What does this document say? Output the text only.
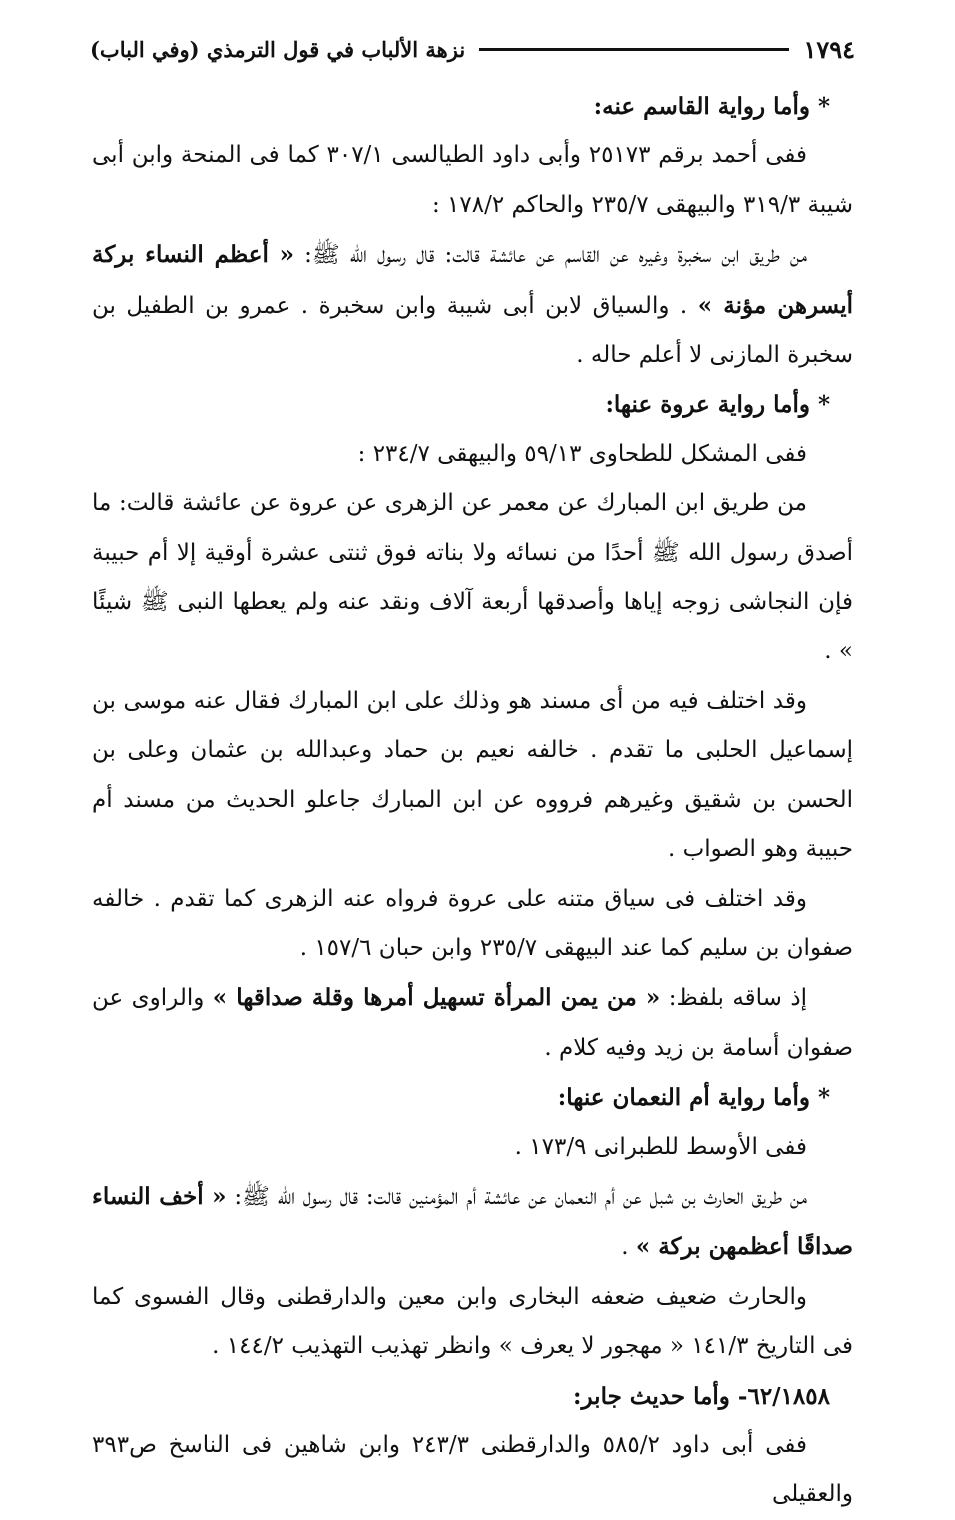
١٧٩٤
نزهة الألباب في قول الترمذي (وفي الباب)

* وأما رواية القاسم عنه:

ففى أحمد برقم ٢٥١٧٣ وأبى داود الطيالسى ٣٠٧/١ كما فى المنحة وابن أبى شيبة ٣١٩/٣ والبيهقى ٢٣٥/٧ والحاكم ١٧٨/٢ :

من طريق ابن سخبرة وغيره عن القاسم عن عائشة قالت: قال رسول الله ﷺ: « أعظم النساء بركة أيسرهن مؤنة » . والسياق لابن أبى شيبة وابن سخبرة . عمرو بن الطفيل بن سخبرة المازنى لا أعلم حاله .

* وأما رواية عروة عنها:

ففى المشكل للطحاوى ٥٩/١٣ والبيهقى ٢٣٤/٧ :

من طريق ابن المبارك عن معمر عن الزهرى عن عروة عن عائشة قالت: ما أصدق رسول الله ﷺ أحدًا من نسائه ولا بناته فوق ثنتى عشرة أوقية إلا أم حبيبة فإن النجاشى زوجه إياها وأصدقها أربعة آلاف ونقد عنه ولم يعطها النبى ﷺ شيئًا » .

وقد اختلف فيه من أى مسند هو وذلك على ابن المبارك فقال عنه موسى بن إسماعيل الحلبى ما تقدم . خالفه نعيم بن حماد وعبدالله بن عثمان وعلى بن الحسن بن شقيق وغيرهم فرووه عن ابن المبارك جاعلو الحديث من مسند أم حبيبة وهو الصواب .

وقد اختلف فى سياق متنه على عروة فرواه عنه الزهرى كما تقدم . خالفه صفوان بن سليم كما عند البيهقى ٢٣٥/٧ وابن حبان ١٥٧/٦ .

إذ ساقه بلفظ: « من يمن المرأة تسهيل أمرها وقلة صداقها » والراوى عن صفوان أسامة بن زيد وفيه كلام .

* وأما رواية أم النعمان عنها:

ففى الأوسط للطبرانى ١٧٣/٩ .

من طريق الحارث بن شبل عن أم النعمان عن عائشة أم المؤمنين قالت: قال رسول الله ﷺ: « أخف النساء صداقًا أعظمهن بركة » .

والحارث ضعيف ضعفه البخارى وابن معين والدارقطنى وقال الفسوى كما فى التاريخ ١٤١/٣ « مهجور لا يعرف » وانظر تهذيب التهذيب ١٤٤/٢ .

٦٢/١٨٥٨- وأما حديث جابر:

ففى أبى داود ٥٨٥/٢ والدارقطنى ٢٤٣/٣ وابن شاهين فى الناسخ ص٣٩٣ والعقيلى
